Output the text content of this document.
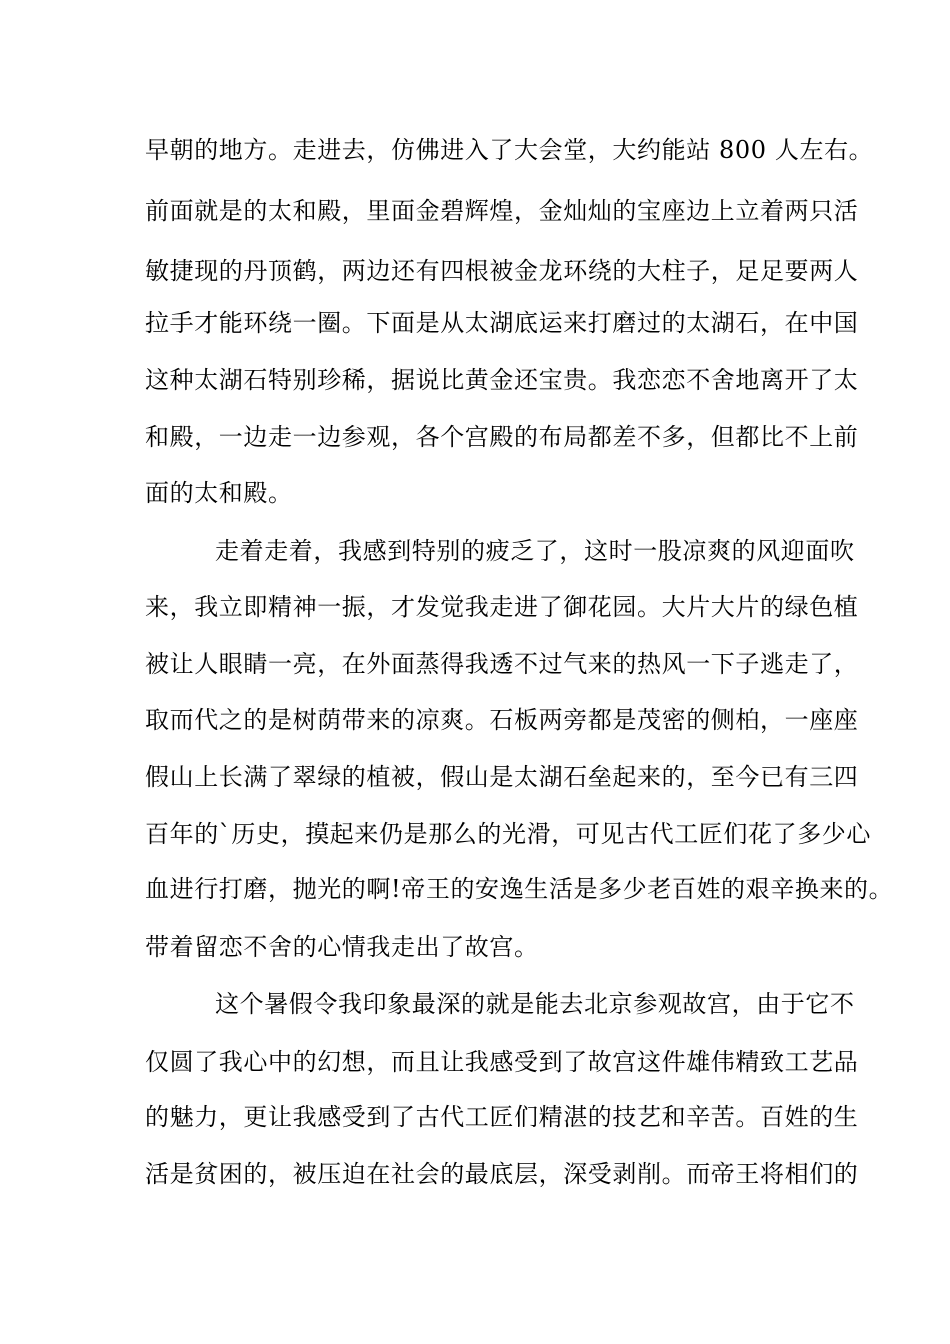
早朝的地方。走进去，仿佛进入了大会堂，大约能站 800 人左右。
前面就是的太和殿，里面金碧辉煌，金灿灿的宝座边上立着两只活
敏捷现的丹顶鹤，两边还有四根被金龙环绕的大柱子，足足要两人
拉手才能环绕一圈。下面是从太湖底运来打磨过的太湖石，在中国
这种太湖石特别珍稀，据说比黄金还宝贵。我恋恋不舍地离开了太
和殿，一边走一边参观，各个宫殿的布局都差不多，但都比不上前
面的太和殿。
走着走着，我感到特别的疲乏了，这时一股凉爽的风迎面吹
来，我立即精神一振，才发觉我走进了御花园。大片大片的绿色植
被让人眼睛一亮，在外面蒸得我透不过气来的热风一下子逃走了，
取而代之的是树荫带来的凉爽。石板两旁都是茂密的侧柏，一座座
假山上长满了翠绿的植被，假山是太湖石垒起来的，至今已有三四
百年的`历史，摸起来仍是那么的光滑，可见古代工匠们花了多少心
血进行打磨，抛光的啊!帝王的安逸生活是多少老百姓的艰辛换来的。
带着留恋不舍的心情我走出了故宫。
这个暑假令我印象最深的就是能去北京参观故宫，由于它不
仅圆了我心中的幻想，而且让我感受到了故宫这件雄伟精致工艺品
的魅力，更让我感受到了古代工匠们精湛的技艺和辛苦。百姓的生
活是贫困的，被压迫在社会的最底层，深受剥削。而帝王将相们的
